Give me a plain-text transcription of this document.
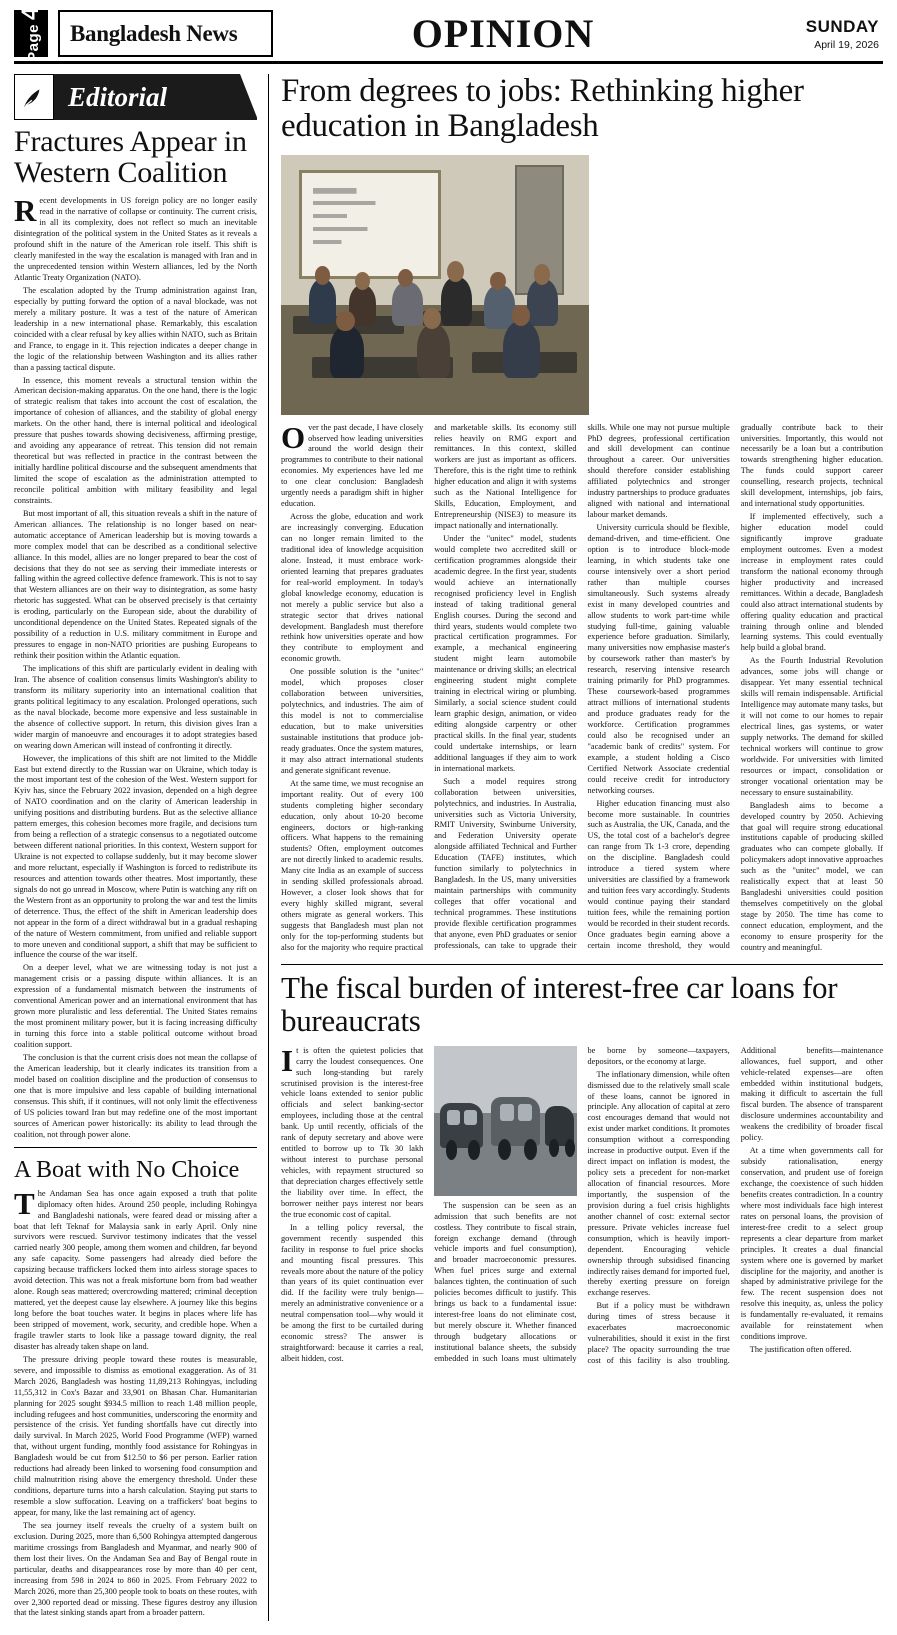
Page
4
Bangladesh News	OPINION	SUNDAY
April 19, 2026
Editorial
Fractures Appear in Western Coalition

Recent developments in US foreign policy are no longer easily read in the narrative of collapse or continuity. The current crisis, in all its complexity, does not reflect so much an inevitable disintegration of the political system in the United States as it reveals a profound shift in the nature of the American role itself. This shift is clearly manifested in the way the escalation is managed with Iran and in the unprecedented tension within Western alliances, led by the North Atlantic Treaty Organization (NATO).

The escalation adopted by the Trump administration against Iran, especially by putting forward the option of a naval blockade, was not merely a military posture. It was a test of the nature of American leadership in a new international phase. Remarkably, this escalation coincided with a clear refusal by key allies within NATO, such as Britain and France, to engage in it. This rejection indicates a deeper change in the logic of the relationship between Washington and its allies rather than a passing tactical dispute.

In essence, this moment reveals a structural tension within the American decision-making apparatus. On the one hand, there is the logic of strategic realism that takes into account the cost of escalation, the importance of cohesion of alliances, and the stability of global energy markets. On the other hand, there is internal political and ideological pressure that pushes towards showing decisiveness, affirming prestige, and avoiding any appearance of retreat. This tension did not remain theoretical but was reflected in practice in the contrast between the initially hardline political discourse and the subsequent amendments that limited the scope of escalation as the administration attempted to reconcile political ambition with military feasibility and legal constraints.

But most important of all, this situation reveals a shift in the nature of American alliances. The relationship is no longer based on near-automatic acceptance of American leadership but is moving towards a more complex model that can be described as a conditional selective alliance. In this model, allies are no longer prepared to bear the cost of decisions that they do not see as serving their immediate interests or falling within the agreed collective defence framework. This is not to say that Western alliances are on their way to disintegration, as some hasty rhetoric has suggested. What can be observed precisely is that certainty is eroding, particularly on the European side, about the durability of unconditional dependence on the United States. Repeated signals of the possibility of a reduction in U.S. military commitment in Europe and pressures to engage in non-NATO priorities are pushing Europeans to rethink their position within the Atlantic equation.

The implications of this shift are particularly evident in dealing with Iran. The absence of coalition consensus limits Washington's ability to transform its military superiority into an international coalition that grants political legitimacy to any escalation. Prolonged operations, such as the naval blockade, become more expensive and less sustainable in the absence of collective support. In return, this division gives Iran a wider margin of manoeuvre and encourages it to adopt strategies based on wearing down American will instead of confronting it directly.

However, the implications of this shift are not limited to the Middle East but extend directly to the Russian war on Ukraine, which today is the most important test of the cohesion of the West. Western support for Kyiv has, since the February 2022 invasion, depended on a high degree of NATO coordination and on the clarity of American leadership in unifying positions and distributing burdens. But as the selective alliance pattern emerges, this cohesion becomes more fragile, and decisions turn from being a reflection of a strategic consensus to a negotiated outcome between different national priorities. In this context, Western support for Ukraine is not expected to collapse suddenly, but it may become slower and more reluctant, especially if Washington is forced to redistribute its resources and attention towards other theatres. Most importantly, these signals do not go unread in Moscow, where Putin is watching any rift on the Western front as an opportunity to prolong the war and test the limits of deterrence. Thus, the effect of the shift in American leadership does not appear in the form of a direct withdrawal but in a gradual reshaping of the nature of Western commitment, from unified and reliable support to more uneven and conditional support, a shift that may be sufficient to influence the course of the war itself.

On a deeper level, what we are witnessing today is not just a management crisis or a passing dispute within alliances. It is an expression of a fundamental mismatch between the instruments of conventional American power and an international environment that has grown more pluralistic and less deferential. The United States remains the most prominent military power, but it is facing increasing difficulty in turning this force into a stable political outcome without broad coalition support.

The conclusion is that the current crisis does not mean the collapse of the American leadership, but it clearly indicates its transition from a model based on coalition discipline and the production of consensus to one that is more impulsive and less capable of building international consensus. This shift, if it continues, will not only limit the effectiveness of US policies toward Iran but may redefine one of the most important sources of American power historically: its ability to lead through the coalition, not through power alone.

A Boat with No Choice

The Andaman Sea has once again exposed a truth that polite diplomacy often hides. Around 250 people, including Rohingya and Bangladeshi nationals, were feared dead or missing after a boat that left Teknaf for Malaysia sank in early April. Only nine survivors were rescued. Survivor testimony indicates that the vessel carried nearly 300 people, among them women and children, far beyond any safe capacity. Some passengers had already died before the capsizing because traffickers locked them into airless storage spaces to avoid detection. This was not a freak misfortune born from bad weather alone. Rough seas mattered; overcrowding mattered; criminal deception mattered, yet the deepest cause lay elsewhere. A journey like this begins long before the boat touches water. It begins in places where life has been stripped of movement, work, security, and credible hope. When a fragile trawler starts to look like a passage toward dignity, the real disaster has already taken shape on land.

The pressure driving people toward these routes is measurable, severe, and impossible to dismiss as emotional exaggeration. As of 31 March 2026, Bangladesh was hosting 11,89,213 Rohingyas, including 11,55,312 in Cox's Bazar and 33,901 on Bhasan Char. Humanitarian planning for 2025 sought $934.5 million to reach 1.48 million people, including refugees and host communities, underscoring the enormity and persistence of the crisis. Yet funding shortfalls have cut directly into daily survival. In March 2025, World Food Programme (WFP) warned that, without urgent funding, monthly food assistance for Rohingyas in Bangladesh would be cut from $12.50 to $6 per person. Earlier ration reductions had already been linked to worsening food consumption and child malnutrition rising above the emergency threshold. Under these conditions, departure turns into a harsh calculation. Staying put starts to resemble a slow suffocation. Leaving on a traffickers' boat begins to appear, for many, like the last remaining act of agency.

The sea journey itself reveals the cruelty of a system built on exclusion. During 2025, more than 6,500 Rohingya attempted dangerous maritime crossings from Bangladesh and Myanmar, and nearly 900 of them lost their lives. On the Andaman Sea and Bay of Bengal route in particular, deaths and disappearances rose by more than 40 per cent, increasing from 598 in 2024 to 860 in 2025. From February 2022 to March 2026, more than 25,300 people took to boats on these routes, with over 2,300 reported dead or missing. These figures destroy any illusion that the latest sinking stands apart from a broader pattern.

From degrees to jobs: Rethinking higher education in Bangladesh

Over the past decade, I have closely observed how leading universities around the world design their programmes to contribute to their national economies. My experiences have led me to one clear conclusion: Bangladesh urgently needs a paradigm shift in higher education.

Across the globe, education and work are increasingly converging. Education can no longer remain limited to the traditional idea of knowledge acquisition alone. Instead, it must embrace work-oriented learning that prepares graduates for real-world employment. In today's global knowledge economy, education is not merely a public service but also a strategic sector that drives national development. Bangladesh must therefore rethink how universities operate and how they contribute to employment and economic growth.

One possible solution is the "unitec" model, which proposes closer collaboration between universities, polytechnics, and industries. The aim of this model is not to commercialise education, but to make universities sustainable institutions that produce job-ready graduates. Once the system matures, it may also attract international students and generate significant revenue.

At the same time, we must recognise an important reality. Out of every 100 students completing higher secondary education, only about 10-20 become engineers, doctors or high-ranking officers. What happens to the remaining students? Often, employment outcomes are not directly linked to academic results. Many cite India as an example of success in sending skilled professionals abroad. However, a closer look shows that for every highly skilled migrant, several others migrate as general workers. This suggests that Bangladesh must plan not only for the top-performing students but also for the majority who require practical and marketable skills. Its economy still relies heavily on RMG export and remittances. In this context, skilled workers are just as important as officers. Therefore, this is the right time to rethink higher education and align it with systems such as the National Intelligence for Skills, Education, Employment, and Entrepreneurship (NISE3) to measure its impact nationally and internationally.

Under the "unitec" model, students would complete two accredited skill or certification programmes alongside their academic degree. In the first year, students would achieve an internationally recognised proficiency level in English instead of taking traditional general English courses. During the second and third years, students would complete two practical certification programmes. For example, a mechanical engineering student might learn automobile maintenance or driving skills; an electrical engineering student might complete training in electrical wiring or plumbing. Similarly, a social science student could learn graphic design, animation, or video editing alongside carpentry or other practical skills. In the final year, students could undertake internships, or learn additional languages if they aim to work in international markets.

Such a model requires strong collaboration between universities, polytechnics, and industries. In Australia, universities such as Victoria University, RMIT University, Swinburne University, and Federation University operate alongside affiliated Technical and Further Education (TAFE) institutes, which function similarly to polytechnics in Bangladesh. In the US, many universities maintain partnerships with community colleges that offer vocational and technical programmes. These institutions provide flexible certification programmes that anyone, even PhD graduates or senior professionals, can take to upgrade their skills. While one may not pursue multiple PhD degrees, professional certification and skill development can continue throughout a career. Our universities should therefore consider establishing affiliated polytechnics and stronger industry partnerships to produce graduates aligned with national and international labour market demands.

University curricula should be flexible, demand-driven, and time-efficient. One option is to introduce block-mode learning, in which students take one course intensively over a short period rather than multiple courses simultaneously. Such systems already exist in many developed countries and allow students to work part-time while studying full-time, gaining valuable experience before graduation. Similarly, many universities now emphasise master's by coursework rather than master's by research, reserving intensive research training primarily for PhD programmes. These coursework-based programmes attract millions of international students and produce graduates ready for the workforce. Certification programmes could also be recognised under an "academic bank of credits" system. For example, a student holding a Cisco Certified Network Associate credential could receive credit for introductory networking courses.

Higher education financing must also become more sustainable. In countries such as Australia, the UK, Canada, and the US, the total cost of a bachelor's degree can range from Tk 1-3 crore, depending on the discipline. Bangladesh could introduce a tiered system where universities are classified by a framework and tuition fees vary accordingly. Students would continue paying their standard tuition fees, while the remaining portion would be recorded in their student records. Once graduates begin earning above a certain income threshold, they would gradually contribute back to their universities. Importantly, this would not necessarily be a loan but a contribution towards strengthening higher education. The funds could support career counselling, research projects, technical skill development, internships, job fairs, and international study opportunities.

If implemented effectively, such a higher education model could significantly improve graduate employment outcomes. Even a modest increase in employment rates could transform the national economy through higher productivity and increased remittances. Within a decade, Bangladesh could also attract international students by offering quality education and practical training through online and blended learning systems. This could eventually help build a global brand.

As the Fourth Industrial Revolution advances, some jobs will change or disappear. Yet many essential technical skills will remain indispensable. Artificial Intelligence may automate many tasks, but it will not come to our homes to repair electrical lines, gas systems, or water supply networks. The demand for skilled technical workers will continue to grow worldwide. For universities with limited resources or impact, consolidation or stronger vocational orientation may be necessary to ensure sustainability.

Bangladesh aims to become a developed country by 2050. Achieving that goal will require strong educational institutions capable of producing skilled graduates who can compete globally. If policymakers adopt innovative approaches such as the "unitec" model, we can realistically expect that at least 50 Bangladeshi universities could position themselves competitively on the global stage by 2050. The time has come to connect education, employment, and the economy to ensure prosperity for the country and meaningful.

The fiscal burden of interest-free car loans for bureaucrats

It is often the quietest policies that carry the loudest consequences. One such long-standing but rarely scrutinised provision is the interest-free vehicle loans extended to senior public officials and select banking-sector employees, including those at the central bank. Up until recently, officials of the rank of deputy secretary and above were entitled to borrow up to Tk 30 lakh without interest to purchase personal vehicles, with repayment structured so that depreciation charges effectively settle the liability over time. In effect, the borrower neither pays interest nor bears the true economic cost of capital.

In a telling policy reversal, the government recently suspended this facility in response to fuel price shocks and mounting fiscal pressures. This reveals more about the nature of the policy than years of its quiet continuation ever did. If the facility were truly benign—merely an administrative convenience or a neutral compensation tool—why would it be among the first to be curtailed during economic stress? The answer is straightforward: because it carries a real, albeit hidden, cost.

The suspension can be seen as an admission that such benefits are not costless. They contribute to fiscal strain, foreign exchange demand (through vehicle imports and fuel consumption), and broader macroeconomic pressures. When fuel prices surge and external balances tighten, the continuation of such policies becomes difficult to justify. This brings us back to a fundamental issue: interest-free loans do not eliminate cost, but merely obscure it. Whether financed through budgetary allocations or institutional balance sheets, the subsidy embedded in such loans must ultimately be borne by someone—taxpayers, depositors, or the economy at large.

The inflationary dimension, while often dismissed due to the relatively small scale of these loans, cannot be ignored in principle. Any allocation of capital at zero cost encourages demand that would not exist under market conditions. It promotes consumption without a corresponding increase in productive output. Even if the direct impact on inflation is modest, the policy sets a precedent for non-market allocation of financial resources. More importantly, the suspension of the provision during a fuel crisis highlights another channel of cost: external sector pressure. Private vehicles increase fuel consumption, which is heavily import-dependent. Encouraging vehicle ownership through subsidised financing indirectly raises demand for imported fuel, thereby exerting pressure on foreign exchange reserves.

But if a policy must be withdrawn during times of stress because it exacerbates macroeconomic vulnerabilities, should it exist in the first place? The opacity surrounding the true cost of this facility is also troubling. Additional benefits—maintenance allowances, fuel support, and other vehicle-related expenses—are often embedded within institutional budgets, making it difficult to ascertain the full fiscal burden. The absence of transparent disclosure undermines accountability and weakens the credibility of broader fiscal policy.

At a time when governments call for subsidy rationalisation, energy conservation, and prudent use of foreign exchange, the coexistence of such hidden benefits creates contradiction. In a country where most individuals face high interest rates on personal loans, the provision of interest-free credit to a select group represents a clear departure from market principles. It creates a dual financial system where one is governed by market discipline for the majority, and another is shaped by administrative privilege for the few. The recent suspension does not resolve this inequity, as, unless the policy is fundamentally re-evaluated, it remains available for reinstatement when conditions improve.

The justification often offered.
